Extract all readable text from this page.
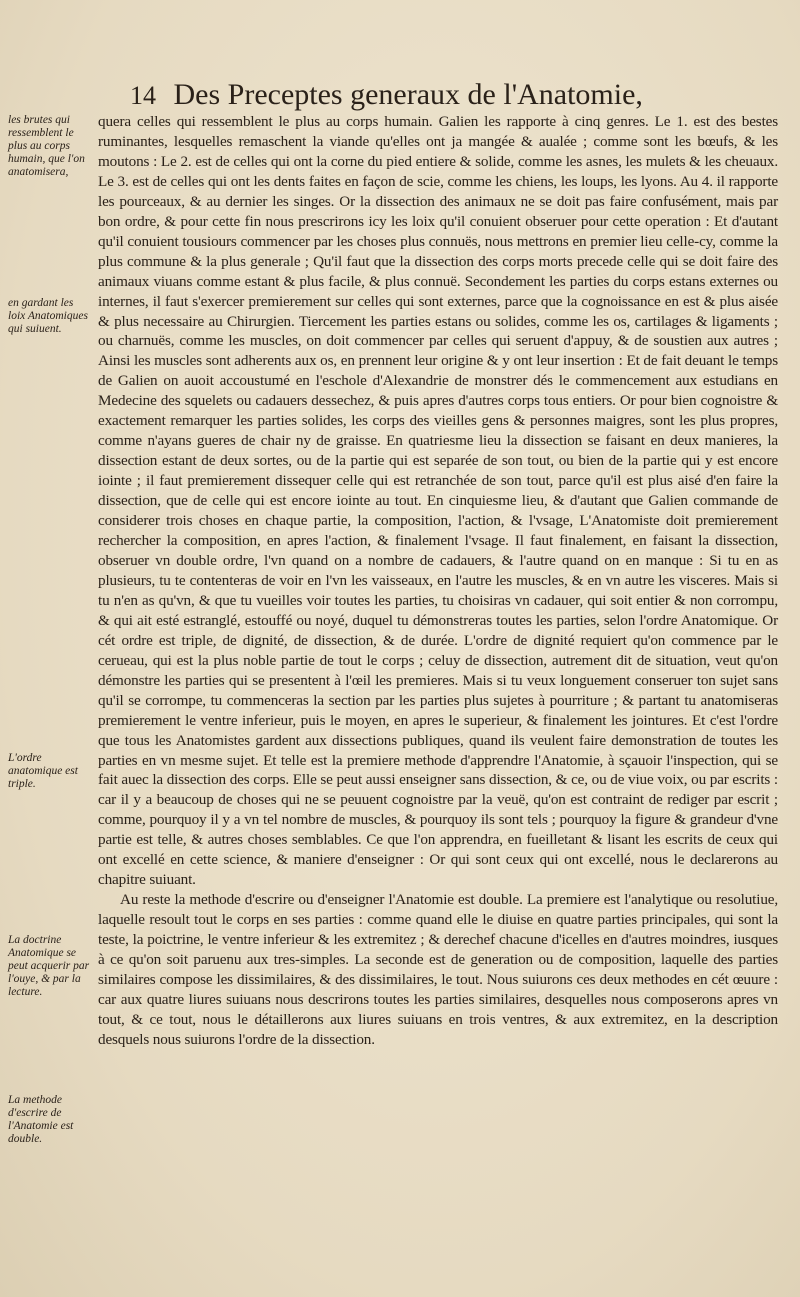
14 Des Preceptes generaux de l'Anatomie,
les brutes qui ressemblent le plus au corps humain, que l'on anatomisera,
en gardant les loix Anatomiques qui suiuent.
L'ordre anatomique est triple.
La doctrine Anatomique se peut acquerir par l'ouye, & par la lecture.
La methode d'escrire de l'Anatomie est double.

quera celles qui ressemblent le plus au corps humain. Galien les rapporte à cinq genres. Le 1. est des bestes ruminantes, lesquelles remaschent la viande qu'elles ont ja mangée & aualée ; comme sont les bœufs, & les moutons : Le 2. est de celles qui ont la corne du pied entiere & solide, comme les asnes, les mulets & les cheuaux. Le 3. est de celles qui ont les dents faites en façon de scie, comme les chiens, les loups, les lyons. Au 4. il rapporte les pourceaux, & au dernier les singes. Or la dissection des animaux ne se doit pas faire confusément, mais par bon ordre, & pour cette fin nous prescrirons icy les loix qu'il conuient obseruer pour cette operation : Et d'autant qu'il conuient tousiours commencer par les choses plus connuës, nous mettrons en premier lieu celle-cy, comme la plus commune & la plus generale ; Qu'il faut que la dissection des corps morts precede celle qui se doit faire des animaux viuans comme estant & plus facile, & plus connuë. Secondement les parties du corps estans externes ou internes, il faut s'exercer premierement sur celles qui sont externes, parce que la cognoissance en est & plus aisée & plus necessaire au Chirurgien. Tiercement les parties estans ou solides, comme les os, cartilages & ligaments ; ou charnuës, comme les muscles, on doit commencer par celles qui seruent d'appuy, & de soustien aux autres ; Ainsi les muscles sont adherents aux os, en prennent leur origine & y ont leur insertion : Et de fait deuant le temps de Galien on auoit accoustumé en l'eschole d'Alexandrie de monstrer dés le commencement aux estudians en Medecine des squelets ou cadauers dessechez, & puis apres d'autres corps tous entiers. Or pour bien cognoistre & exactement remarquer les parties solides, les corps des vieilles gens & personnes maigres, sont les plus propres, comme n'ayans gueres de chair ny de graisse. En quatriesme lieu la dissection se faisant en deux manieres, la dissection estant de deux sortes, ou de la partie qui est separée de son tout, ou bien de la partie qui y est encore iointe ; il faut premierement dissequer celle qui est retranchée de son tout, parce qu'il est plus aisé d'en faire la dissection, que de celle qui est encore iointe au tout. En cinquiesme lieu, & d'autant que Galien commande de considerer trois choses en chaque partie, la composition, l'action, & l'vsage, L'Anatomiste doit premierement rechercher la composition, en apres l'action, & finalement l'vsage. Il faut finalement, en faisant la dissection, obseruer vn double ordre, l'vn quand on a nombre de cadauers, & l'autre quand on en manque : Si tu en as plusieurs, tu te contenteras de voir en l'vn les vaisseaux, en l'autre les muscles, & en vn autre les visceres. Mais si tu n'en as qu'vn, & que tu vueilles voir toutes les parties, tu choisiras vn cadauer, qui soit entier & non corrompu, & qui ait esté estranglé, estouffé ou noyé, duquel tu démonstreras toutes les parties, selon l'ordre Anatomique. Or cét ordre est triple, de dignité, de dissection, & de durée. L'ordre de dignité requiert qu'on commence par le cerueau, qui est la plus noble partie de tout le corps ; celuy de dissection, autrement dit de situation, veut qu'on démonstre les parties qui se presentent à l'œil les premieres. Mais si tu veux longuement conseruer ton sujet sans qu'il se corrompe, tu commenceras la section par les parties plus sujetes à pourriture ; & partant tu anatomiseras premierement le ventre inferieur, puis le moyen, en apres le superieur, & finalement les jointures. Et c'est l'ordre que tous les Anatomistes gardent aux dissections publiques, quand ils veulent faire demonstration de toutes les parties en vn mesme sujet. Et telle est la premiere methode d'apprendre l'Anatomie, à sçauoir l'inspection, qui se fait auec la dissection des corps. Elle se peut aussi enseigner sans dissection, & ce, ou de viue voix, ou par escrits : car il y a beaucoup de choses qui ne se peuuent cognoistre par la veuë, qu'on est contraint de rediger par escrit ; comme, pourquoy il y a vn tel nombre de muscles, & pourquoy ils sont tels ; pourquoy la figure & grandeur d'vne partie est telle, & autres choses semblables. Ce que l'on apprendra, en fueilletant & lisant les escrits de ceux qui ont excellé en cette science, & maniere d'enseigner : Or qui sont ceux qui ont excellé, nous le declarerons au chapitre suiuant.

Au reste la methode d'escrire ou d'enseigner l'Anatomie est double. La premiere est l'analytique ou resolutiue, laquelle resoult tout le corps en ses parties : comme quand elle le diuise en quatre parties principales, qui sont la teste, la poictrine, le ventre inferieur & les extremitez ; & derechef chacune d'icelles en d'autres moindres, iusques à ce qu'on soit paruenu aux tres-simples. La seconde est de generation ou de composition, laquelle des parties similaires compose les dissimilaires, & des dissimilaires, le tout. Nous suiurons ces deux methodes en cét œuure : car aux quatre liures suiuans nous descrirons toutes les parties similaires, desquelles nous composerons apres vn tout, & ce tout, nous le détaillerons aux liures suiuans en trois ventres, & aux extremitez, en la description desquels nous suiurons l'ordre de la dissection.
